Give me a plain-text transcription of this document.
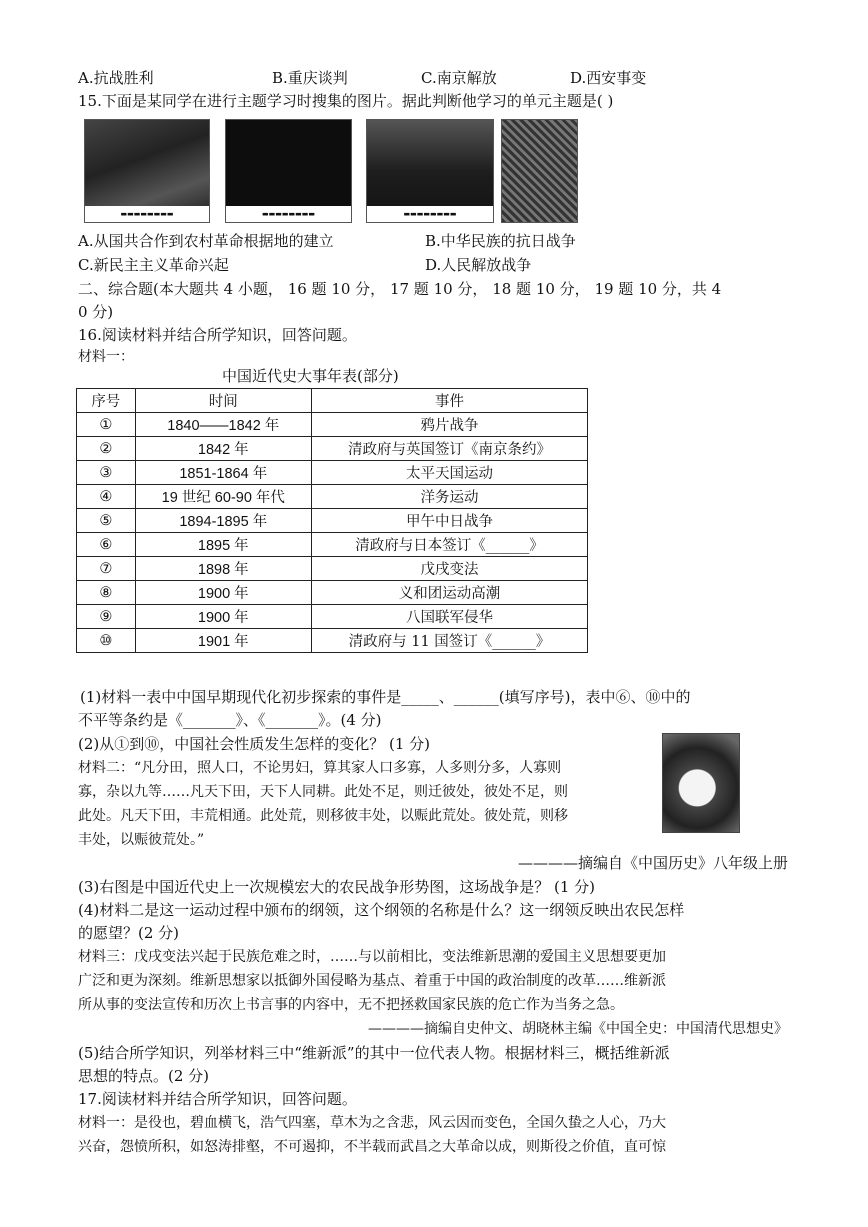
A.抗战胜利	B.重庆谈判	C.南京解放	D.西安事变
15.下面是某同学在进行主题学习时搜集的图片。据此判断他学习的单元主题是( )
▬▬▬▬▬▬▬▬	▬▬▬▬▬▬▬▬	▬▬▬▬▬▬▬▬
A.从国共合作到农村革命根据地的建立	B.中华民族的抗日战争
C.新民主主义革命兴起	D.人民解放战争
二、综合题(本大题共 4 小题， 16 题 10 分， 17 题 10 分， 18 题 10 分， 19 题 10 分，共 4
0 分)
16.阅读材料并结合所学知识，回答问题。
材料一：
中国近代史大事年表(部分)
序号	时间	事件
①	1840——1842 年	鸦片战争
②	1842 年	清政府与英国签订《南京条约》
③	1851-1864 年	太平天国运动
④	19 世纪 60-90 年代	洋务运动
⑤	1894-1895 年	甲午中日战争
⑥	1895 年	清政府与日本签订《______》
⑦	1898 年	戊戌变法
⑧	1900 年	义和团运动高潮
⑨	1900 年	八国联军侵华
⑩	1901 年	清政府与 11 国签订《______》
(1)材料一表中中国早期现代化初步探索的事件是_____、______(填写序号)，表中⑥、⑩中的
不平等条约是《_______》、《_______》。(4 分)
(2)从①到⑩，中国社会性质发生怎样的变化？ (1 分)
材料二：“凡分田，照人口，不论男妇，算其家人口多寡，人多则分多，人寡则
寡，杂以九等……凡天下田，天下人同耕。此处不足，则迁彼处，彼处不足，则
此处。凡天下田，丰荒相通。此处荒，则移彼丰处，以赈此荒处。彼处荒，则移
丰处，以赈彼荒处。”
————摘编自《中国历史》八年级上册
(3)右图是中国近代史上一次规模宏大的农民战争形势图，这场战争是？ (1 分)
(4)材料二是这一运动过程中颁布的纲领，这个纲领的名称是什么？这一纲领反映出农民怎样
的愿望？(2 分)
材料三：戊戌变法兴起于民族危难之时，……与以前相比，变法维新思潮的爱国主义思想要更加
广泛和更为深刻。维新思想家以抵御外国侵略为基点、着重于中国的政治制度的改革……维新派
所从事的变法宣传和历次上书言事的内容中，无不把拯救国家民族的危亡作为当务之急。
————摘编自史仲文、胡晓林主编《中国全史：中国清代思想史》
(5)结合所学知识，列举材料三中“维新派”的其中一位代表人物。根据材料三，概括维新派
思想的特点。(2 分)
17.阅读材料并结合所学知识，回答问题。
材料一：是役也，碧血横飞，浩气四塞，草木为之含悲，风云因而变色，全国久蛰之人心，乃大
兴奋，怨愤所积，如怒涛排壑，不可遏抑，不半载而武昌之大革命以成，则斯役之价值，直可惊
